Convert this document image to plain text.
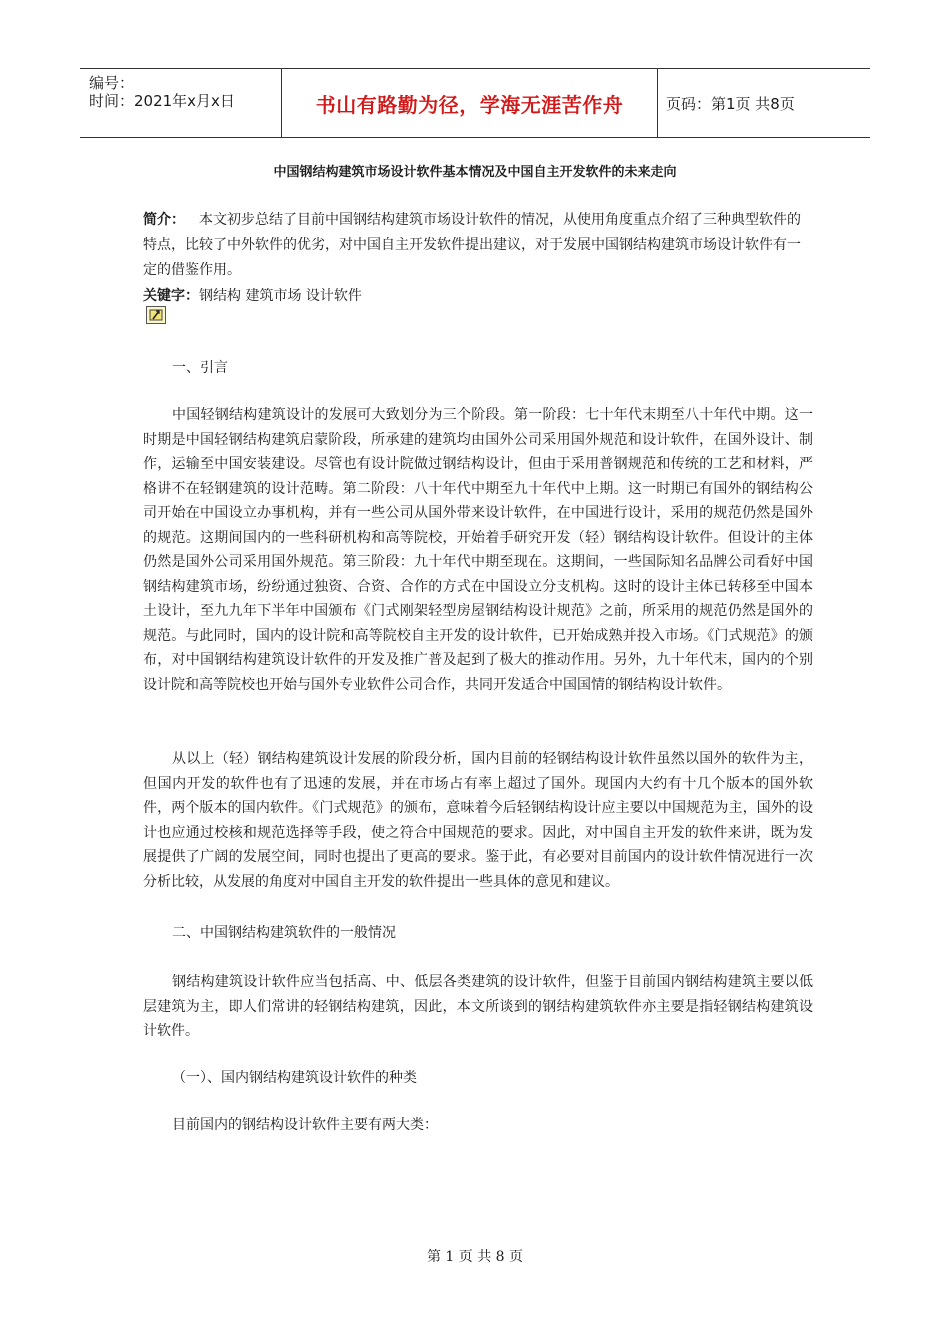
编号：
时间：2021年x月x日	书山有路勤为径，学海无涯苦作舟	页码：第1页 共8页
中国钢结构建筑市场设计软件基本情况及中国自主开发软件的未来走向
简介： 本文初步总结了目前中国钢结构建筑市场设计软件的情况，从使用角度重点介绍了三种典型软件的特点，比较了中外软件的优劣，对中国自主开发软件提出建议，对于发展中国钢结构建筑市场设计软件有一定的借鉴作用。
关键字：钢结构 建筑市场 设计软件
一、引言

中国轻钢结构建筑设计的发展可大致划分为三个阶段。第一阶段：七十年代末期至八十年代中期。这一时期是中国轻钢结构建筑启蒙阶段，所承建的建筑均由国外公司采用国外规范和设计软件，在国外设计、制作，运输至中国安装建设。尽管也有设计院做过钢结构设计，但由于采用普钢规范和传统的工艺和材料，严格讲不在轻钢建筑的设计范畴。第二阶段：八十年代中期至九十年代中上期。这一时期已有国外的钢结构公司开始在中国设立办事机构，并有一些公司从国外带来设计软件，在中国进行设计，采用的规范仍然是国外的规范。这期间国内的一些科研机构和高等院校，开始着手研究开发（轻）钢结构设计软件。但设计的主体仍然是国外公司采用国外规范。第三阶段：九十年代中期至现在。这期间，一些国际知名品牌公司看好中国钢结构建筑市场，纷纷通过独资、合资、合作的方式在中国设立分支机构。这时的设计主体已转移至中国本土设计，至九九年下半年中国颁布《门式刚架轻型房屋钢结构设计规范》之前，所采用的规范仍然是国外的规范。与此同时，国内的设计院和高等院校自主开发的设计软件，已开始成熟并投入市场。《门式规范》的颁布，对中国钢结构建筑设计软件的开发及推广普及起到了极大的推动作用。另外，九十年代末，国内的个别设计院和高等院校也开始与国外专业软件公司合作，共同开发适合中国国情的钢结构设计软件。

从以上（轻）钢结构建筑设计发展的阶段分析，国内目前的轻钢结构设计软件虽然以国外的软件为主，但国内开发的软件也有了迅速的发展，并在市场占有率上超过了国外。现国内大约有十几个版本的国外软件，两个版本的国内软件。《门式规范》的颁布，意味着今后轻钢结构设计应主要以中国规范为主，国外的设计也应通过校核和规范选择等手段，使之符合中国规范的要求。因此，对中国自主开发的软件来讲，既为发展提供了广阔的发展空间，同时也提出了更高的要求。鉴于此，有必要对目前国内的设计软件情况进行一次分析比较，从发展的角度对中国自主开发的软件提出一些具体的意见和建议。

二、中国钢结构建筑软件的一般情况

钢结构建筑设计软件应当包括高、中、低层各类建筑的设计软件，但鉴于目前国内钢结构建筑主要以低层建筑为主，即人们常讲的轻钢结构建筑，因此，本文所谈到的钢结构建筑软件亦主要是指轻钢结构建筑设计软件。

（一）、国内钢结构建筑设计软件的种类

目前国内的钢结构设计软件主要有两大类：

第 1 页 共 8 页
